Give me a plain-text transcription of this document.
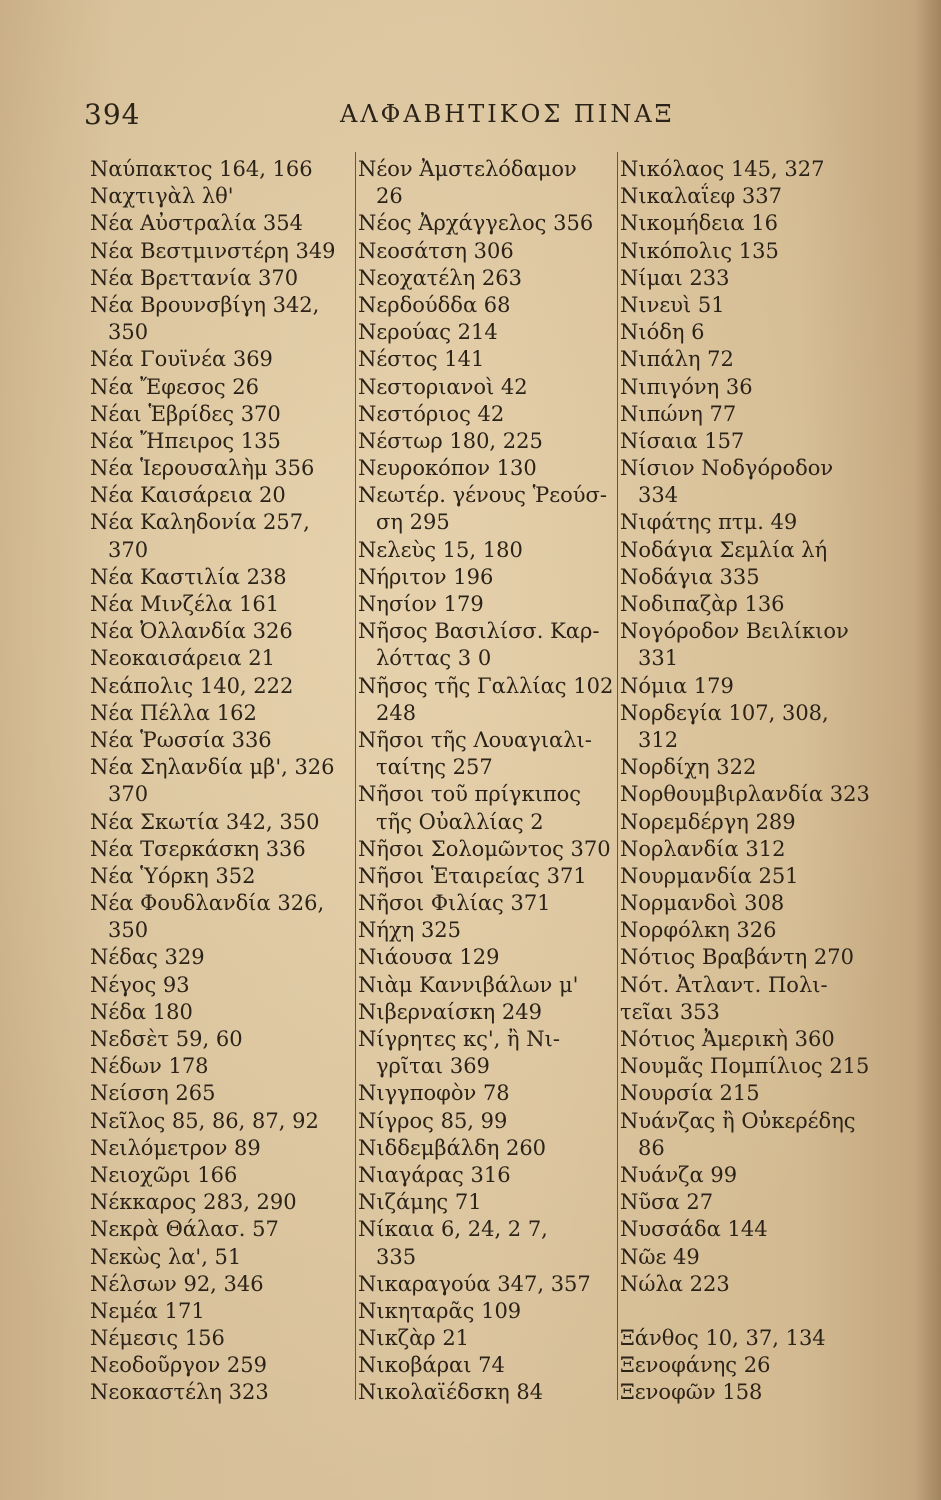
394	ΑΛΦΑΒΗΤΙΚΟΣ ΠΙΝΑΞ
Ναύπακτος 164, 166
Ναχτιγὰλ λθ'
Νέα Αὐστραλία 354
Νέα Βεστμινστέρη 349
Νέα Βρεττανία 370
Νέα Βρουνσβίγη 342,
350
Νέα Γουϊνέα 369
Νέα Ἔφεσος 26
Νέαι Ἑβρίδες 370
Νέα Ἤπειρος 135
Νέα Ἱερουσαλὴμ 356
Νέα Καισάρεια 20
Νέα Καληδονία 257,
370
Νέα Καστιλία 238
Νέα Μινζέλα 161
Νέα Ὀλλανδία 326
Νεοκαισάρεια 21
Νεάπολις 140, 222
Νέα Πέλλα 162
Νέα Ῥωσσία 336
Νέα Σηλανδία μβ', 326
370
Νέα Σκωτία 342, 350
Νέα Τσερκάσκη 336
Νέα Ὑόρκη 352
Νέα Φουδλανδία 326,
350
Νέδας 329
Νέγος 93
Νέδα 180
Νεδσὲτ 59, 60
Νέδων 178
Νείσση 265
Νεῖλος 85, 86, 87, 92
Νειλόμετρον 89
Νειοχῶρι 166
Νέκκαρος 283, 290
Νεκρὰ Θάλασ. 57
Νεκὼς λα', 51
Νέλσων 92, 346
Νεμέα 171
Νέμεσις 156
Νεοδοῦργον 259
Νεοκαστέλη 323
Νέον Ἀμστελόδαμον
26
Νέος Ἀρχάγγελος 356
Νεοσάτση 306
Νεοχατέλη 263
Νερδούδδα 68
Νερούας 214
Νέστος 141
Νεστοριανοὶ 42
Νεστόριος 42
Νέστωρ 180, 225
Νευροκόπον 130
Νεωτέρ. γένους Ῥεούσ-
ση 295
Νελεὺς 15, 180
Νήριτον 196
Νησίον 179
Νῆσος Βασιλίσσ. Καρ-
λόττας 3 0
Νῆσος τῆς Γαλλίας 102
248
Νῆσοι τῆς Λουαγιαλι-
ταίτης 257
Νῆσοι τοῦ πρίγκιπος
τῆς Οὐαλλίας 2
Νῆσοι Σολομῶντος 370
Νῆσοι Ἑταιρείας 371
Νῆσοι Φιλίας 371
Νήχη 325
Νιάουσα 129
Νιὰμ Καννιβάλων μ'
Νιβερναίσκη 249
Νίγρητες κς', ἢ Νι-
γρῖται 369
Νιγγποφὸν 78
Νίγρος 85, 99
Νιδδεμβάλδη 260
Νιαγάρας 316
Νιζάμης 71
Νίκαια 6, 24, 2 7,
335
Νικαραγούα 347, 357
Νικηταρᾶς 109
Νικζὰρ 21
Νικοβάραι 74
Νικολαϊέδσκη 84
Νικόλαος 145, 327
Νικαλαΐεφ 337
Νικομήδεια 16
Νικόπολις 135
Νίμαι 233
Νινευὶ 51
Νιόδη 6
Νιπάλη 72
Νιπιγόνη 36
Νιπώνη 77
Νίσαια 157
Νίσιον Νοδγόροδον
334
Νιφάτης πτμ. 49
Νοδάγια Σεμλία λή
Νοδάγια 335
Νοδιπαζὰρ 136
Νογόροδον Βειλίκιον
331
Νόμια 179
Νορδεγία 107, 308,
312
Νορδίχη 322
Νορθουμβιρλανδία 323
Νορεμδέργη 289
Νορλανδία 312
Νουρμανδία 251
Νορμανδοὶ 308
Νορφόλκη 326
Νότιος Βραβάντη 270
Νότ. Ἀτλαντ. Πολι-
τεῖαι 353
Νότιος Ἀμερικὴ 360
Νουμᾶς Πομπίλιος 215
Νουρσία 215
Νυάνζας ἢ Οὐκερέδης
86
Νυάνζα 99
Νῦσα 27
Νυσσάδα 144
Νῶε 49
Νώλα 223
Ξάνθος 10, 37, 134
Ξενοφάνης 26
Ξενοφῶν 158
